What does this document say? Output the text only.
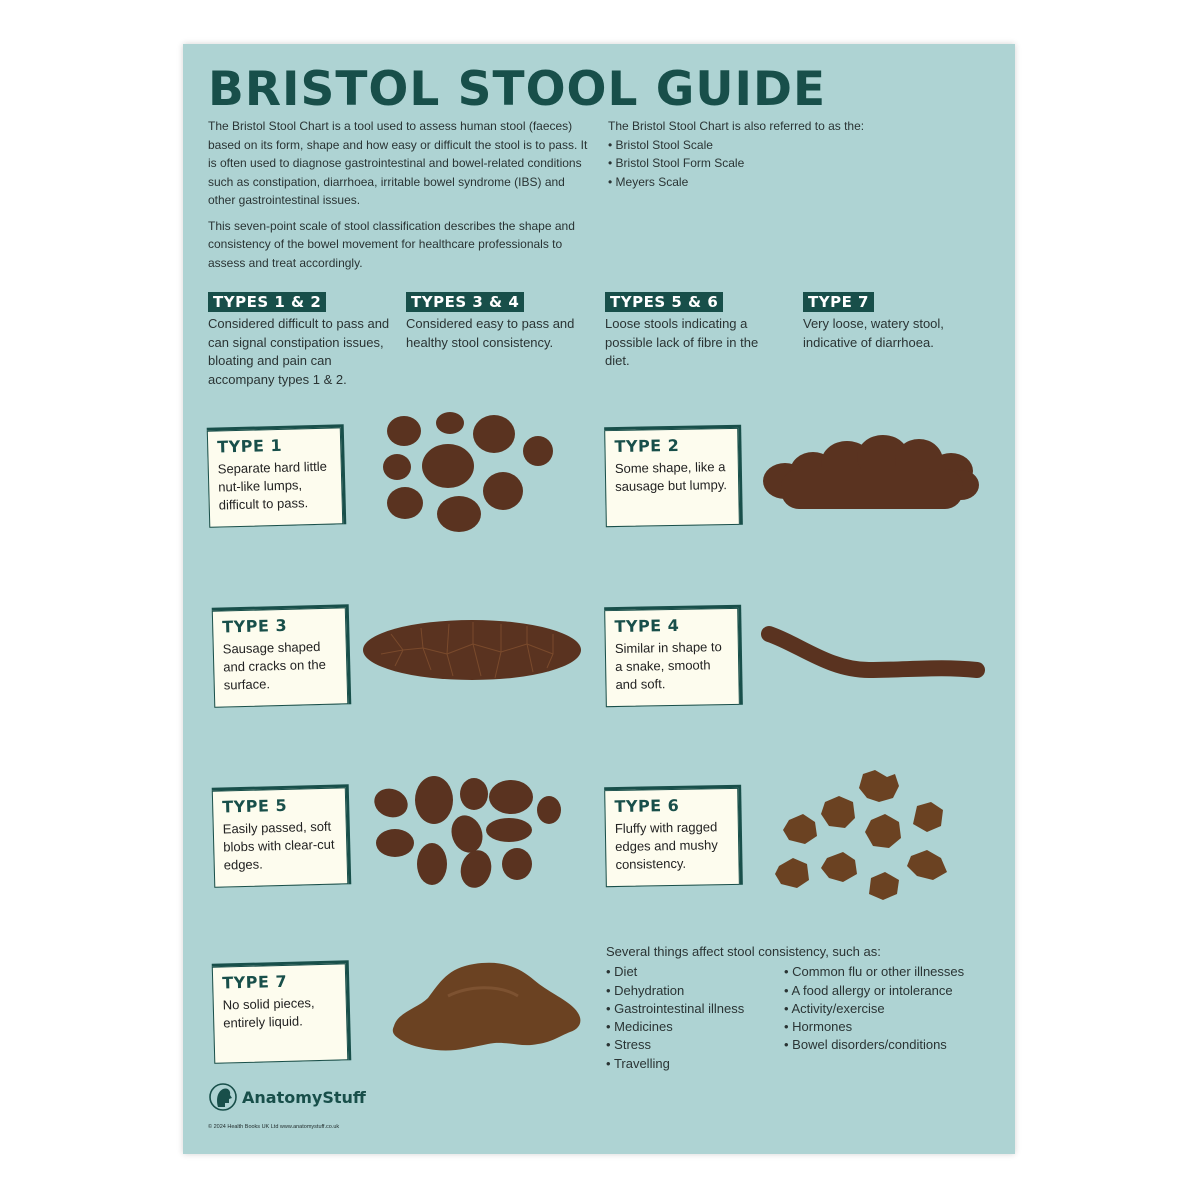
BRISTOL STOOL GUIDE

The Bristol Stool Chart is a tool used to assess human stool (faeces) based on its form, shape and how easy or difficult the stool is to pass. It is often used to diagnose gastrointestinal and bowel-related conditions such as constipation, diarrhoea, irritable bowel syndrome (IBS) and other gastrointestinal issues.

This seven-point scale of stool classification describes the shape and consistency of the bowel movement for healthcare professionals to assess and treat accordingly.

The Bristol Stool Chart is also referred to as the:
• Bristol Stool Scale
• Bristol Stool Form Scale
• Meyers Scale
TYPES 1 & 2
Considered difficult to pass and can signal constipation issues, bloating and pain can accompany types 1 & 2.
TYPES 3 & 4
Considered easy to pass and healthy stool consistency.
TYPES 5 & 6
Loose stools indicating a possible lack of fibre in the diet.
TYPE 7
Very loose, watery stool, indicative of diarrhoea.
TYPE 1
Separate hard little nut-like lumps, difficult to pass.
TYPE 2
Some shape, like a sausage but lumpy.
TYPE 3
Sausage shaped and cracks on the surface.
TYPE 4
Similar in shape to a snake, smooth and soft.
TYPE 5
Easily passed, soft blobs with clear-cut edges.
TYPE 6
Fluffy with ragged edges and mushy consistency.
TYPE 7
No solid pieces, entirely liquid.
Several things affect stool consistency, such as:
• Diet
• Dehydration
• Gastrointestinal illness
• Medicines
• Stress
• Travelling
• Common flu or other illnesses
• A food allergy or intolerance
• Activity/exercise
• Hormones
• Bowel disorders/conditions
AnatomyStuff
© 2024 Health Books UK Ltd www.anatomystuff.co.uk
